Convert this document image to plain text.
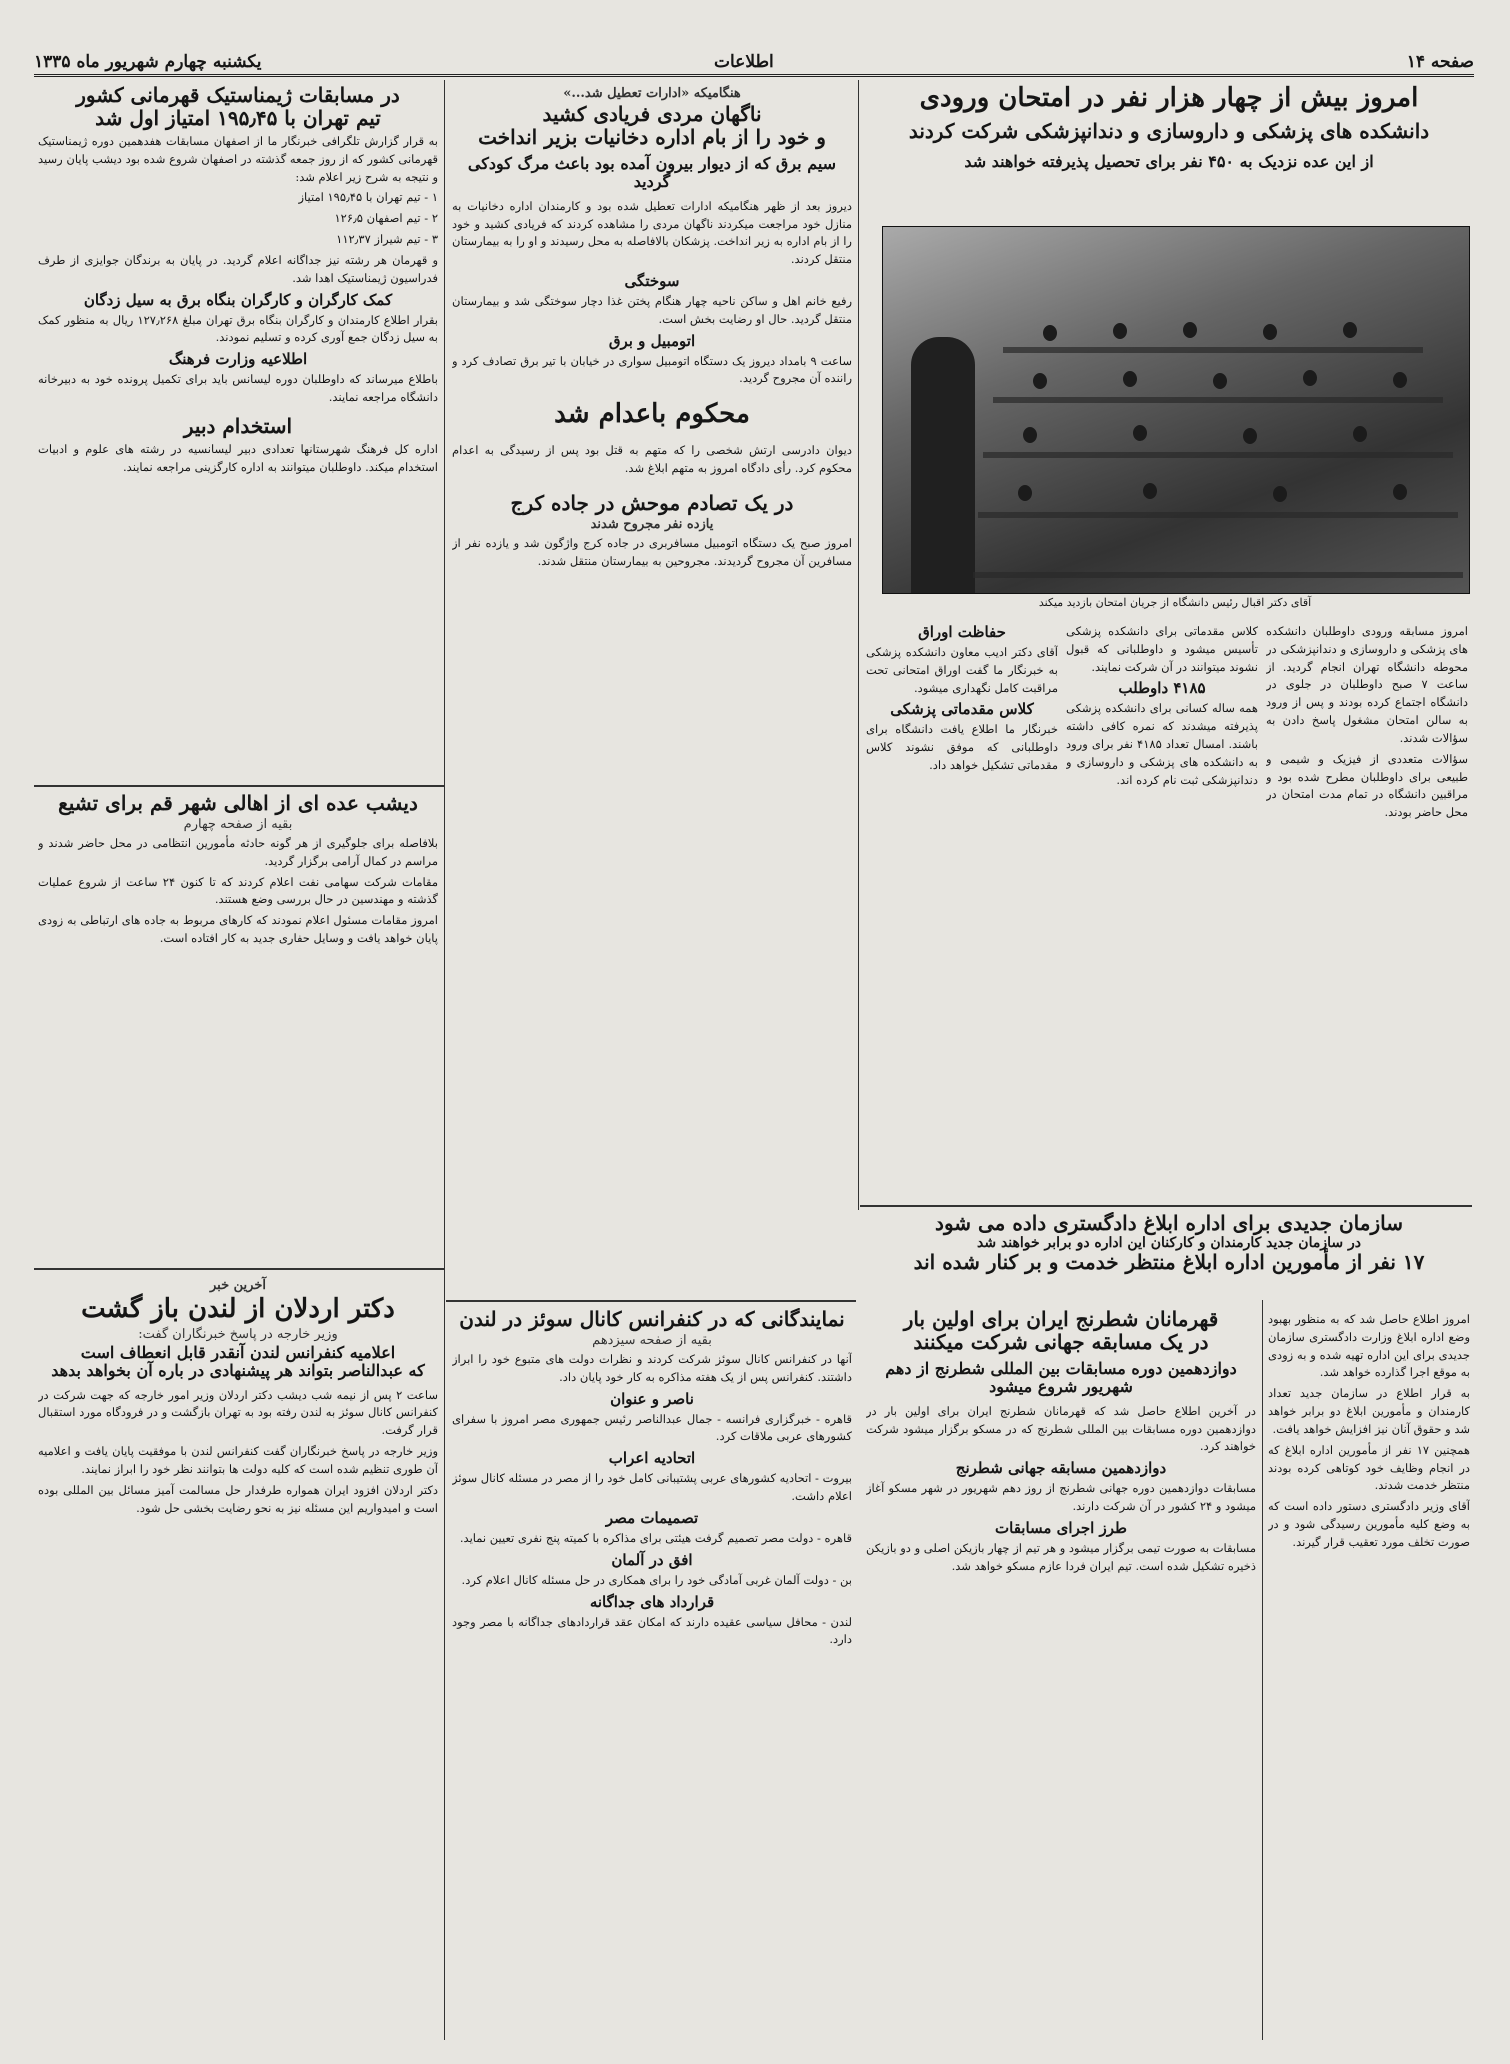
یکشنبه چهارم شهریور ماه ۱۳۳۵	اطلاعات	صفحه ۱۴

امروز بیش از چهار هزار نفر در امتحان ورودی

دانشکده های پزشکی و داروسازی و دندانپزشکی شرکت کردند

از این عده نزدیک به ۴۵۰ نفر برای تحصیل پذیرفته خواهند شد

آقای دکتر اقبال رئیس دانشگاه از جریان امتحان بازدید میکند

امروز مسابقه ورودی داوطلبان دانشکده های پزشکی و داروسازی و دندانپزشکی در محوطه دانشگاه تهران انجام گردید. از ساعت ۷ صبح داوطلبان در جلوی در دانشگاه اجتماع کرده بودند و پس از ورود به سالن امتحان مشغول پاسخ دادن به سؤالات شدند.

سؤالات متعددی از فیزیک و شیمی و طبیعی برای داوطلبان مطرح شده بود و مراقبین دانشگاه در تمام مدت امتحان در محل حاضر بودند.

کلاس مقدماتی برای دانشکده پزشکی تأسیس میشود و داوطلبانی که قبول نشوند میتوانند در آن شرکت نمایند.

۴۱۸۵ داوطلب

همه ساله کسانی برای دانشکده پزشکی پذیرفته میشدند که نمره کافی داشته باشند. امسال تعداد ۴۱۸۵ نفر برای ورود به دانشکده های پزشکی و داروسازی و دندانپزشکی ثبت نام کرده اند.

حفاظت اوراق

آقای دکتر ادیب معاون دانشکده پزشکی به خبرنگار ما گفت اوراق امتحانی تحت مراقبت کامل نگهداری میشود.

کلاس مقدماتی پزشکی

خبرنگار ما اطلاع یافت دانشگاه برای داوطلبانی که موفق نشوند کلاس مقدماتی تشکیل خواهد داد.

هنگامیکه «ادارات تعطیل شد...»

ناگهان مردی فریادی کشید

و خود را از بام اداره دخانیات بزیر انداخت

سیم برق که از دیوار بیرون آمده بود باعث مرگ کودکی گردید

دیروز بعد از ظهر هنگامیکه ادارات تعطیل شده بود و کارمندان اداره دخانیات به منازل خود مراجعت میکردند ناگهان مردی را مشاهده کردند که فریادی کشید و خود را از بام اداره به زیر انداخت. پزشکان بالافاصله به محل رسیدند و او را به بیمارستان منتقل کردند.

سوختگی

رفیع خانم اهل و ساکن ناحیه چهار هنگام پختن غذا دچار سوختگی شد و بیمارستان منتقل گردید. حال او رضایت بخش است.

اتومبیل و برق

ساعت ۹ بامداد دیروز یک دستگاه اتومبیل سواری در خیابان با تیر برق تصادف کرد و راننده آن مجروح گردید.

محکوم باعدام شد

دیوان دادرسی ارتش شخصی را که متهم به قتل بود پس از رسیدگی به اعدام محکوم کرد. رأی دادگاه امروز به متهم ابلاغ شد.

در یک تصادم موحش در جاده کرج

یازده نفر مجروح شدند

امروز صبح یک دستگاه اتومبیل مسافربری در جاده کرج واژگون شد و یازده نفر از مسافرین آن مجروح گردیدند. مجروحین به بیمارستان منتقل شدند.

در مسابقات ژیمناستیک قهرمانی کشور

تیم تهران با ۱۹۵٫۴۵ امتیاز اول شد

به قرار گزارش تلگرافی خبرنگار ما از اصفهان مسابقات هفدهمین دوره ژیمناستیک قهرمانی کشور که از روز جمعه گذشته در اصفهان شروع شده بود دیشب پایان رسید و نتیجه به شرح زیر اعلام شد:

۱ - تیم تهران با ۱۹۵٫۴۵ امتیاز

۲ - تیم اصفهان ۱۲۶٫۵

۳ - تیم شیراز ۱۱۲٫۳۷

و قهرمان هر رشته نیز جداگانه اعلام گردید. در پایان به برندگان جوایزی از طرف فدراسیون ژیمناستیک اهدا شد.

کمک کارگران و کارگران بنگاه برق به سیل زدگان

بقرار اطلاع کارمندان و کارگران بنگاه برق تهران مبلغ ۱۲۷٫۲۶۸ ریال به منظور کمک به سیل زدگان جمع آوری کرده و تسلیم نمودند.

اطلاعیه وزارت فرهنگ

باطلاع میرساند که داوطلبان دوره لیسانس باید برای تکمیل پرونده خود به دبیرخانه دانشگاه مراجعه نمایند.

استخدام دبیر

اداره کل فرهنگ شهرستانها تعدادی دبیر لیسانسیه در رشته های علوم و ادبیات استخدام میکند. داوطلبان میتوانند به اداره کارگزینی مراجعه نمایند.

دیشب عده ای از اهالی شهر قم برای تشیع

بقیه از صفحه چهارم

بلافاصله برای جلوگیری از هر گونه حادثه مأمورین انتظامی در محل حاضر شدند و مراسم در کمال آرامی برگزار گردید.

مقامات شرکت سهامی نفت اعلام کردند که تا کنون ۲۴ ساعت از شروع عملیات گذشته و مهندسین در حال بررسی وضع هستند.

امروز مقامات مسئول اعلام نمودند که کارهای مربوط به جاده های ارتباطی به زودی پایان خواهد یافت و وسایل حفاری جدید به کار افتاده است.

آخرین خبر

دکتر اردلان از لندن باز گشت

وزیر خارجه در پاسخ خبرنگاران گفت:

اعلامیه کنفرانس لندن آنقدر قابل انعطاف است

که عبدالناصر بتواند هر پیشنهادی در باره آن بخواهد بدهد

ساعت ۲ پس از نیمه شب دیشب دکتر اردلان وزیر امور خارجه که جهت شرکت در کنفرانس کانال سوئز به لندن رفته بود به تهران بازگشت و در فرودگاه مورد استقبال قرار گرفت.

وزیر خارجه در پاسخ خبرنگاران گفت کنفرانس لندن با موفقیت پایان یافت و اعلامیه آن طوری تنظیم شده است که کلیه دولت ها بتوانند نظر خود را ابراز نمایند.

دکتر اردلان افزود ایران همواره طرفدار حل مسالمت آمیز مسائل بین المللی بوده است و امیدواریم این مسئله نیز به نحو رضایت بخشی حل شود.

نمایندگانی که در کنفرانس کانال سوئز در لندن

بقیه از صفحه سیزدهم

آنها در کنفرانس کانال سوئز شرکت کردند و نظرات دولت های متبوع خود را ابراز داشتند. کنفرانس پس از یک هفته مذاکره به کار خود پایان داد.

ناصر و عنوان

قاهره - خبرگزاری فرانسه - جمال عبدالناصر رئیس جمهوری مصر امروز با سفرای کشورهای عربی ملاقات کرد.

اتحادیه اعراب

بیروت - اتحادیه کشورهای عربی پشتیبانی کامل خود را از مصر در مسئله کانال سوئز اعلام داشت.

تصمیمات مصر

قاهره - دولت مصر تصمیم گرفت هیئتی برای مذاکره با کمیته پنج نفری تعیین نماید.

افق در آلمان

بن - دولت آلمان غربی آمادگی خود را برای همکاری در حل مسئله کانال اعلام کرد.

قرارداد های جداگانه

لندن - محافل سیاسی عقیده دارند که امکان عقد قراردادهای جداگانه با مصر وجود دارد.

سازمان جدیدی برای اداره ابلاغ دادگستری داده می شود

در سازمان جدید کارمندان و کارکنان این اداره دو برابر خواهند شد

۱۷ نفر از مأمورین اداره ابلاغ منتظر خدمت و بر کنار شده اند

امروز اطلاع حاصل شد که به منظور بهبود وضع اداره ابلاغ وزارت دادگستری سازمان جدیدی برای این اداره تهیه شده و به زودی به موقع اجرا گذارده خواهد شد.

به قرار اطلاع در سازمان جدید تعداد کارمندان و مأمورین ابلاغ دو برابر خواهد شد و حقوق آنان نیز افزایش خواهد یافت.

همچنین ۱۷ نفر از مأمورین اداره ابلاغ که در انجام وظایف خود کوتاهی کرده بودند منتظر خدمت شدند.

آقای وزیر دادگستری دستور داده است که به وضع کلیه مأمورین رسیدگی شود و در صورت تخلف مورد تعقیب قرار گیرند.

قهرمانان شطرنج ایران برای اولین بار

در یک مسابقه جهانی شرکت میکنند

دوازدهمین دوره مسابقات بین المللی شطرنج از دهم شهریور شروع میشود

در آخرین اطلاع حاصل شد که قهرمانان شطرنج ایران برای اولین بار در دوازدهمین دوره مسابقات بین المللی شطرنج که در مسکو برگزار میشود شرکت خواهند کرد.

دوازدهمین مسابقه جهانی شطرنج

مسابقات دوازدهمین دوره جهانی شطرنج از روز دهم شهریور در شهر مسکو آغاز میشود و ۲۴ کشور در آن شرکت دارند.

طرز اجرای مسابقات

مسابقات به صورت تیمی برگزار میشود و هر تیم از چهار بازیکن اصلی و دو بازیکن ذخیره تشکیل شده است. تیم ایران فردا عازم مسکو خواهد شد.
